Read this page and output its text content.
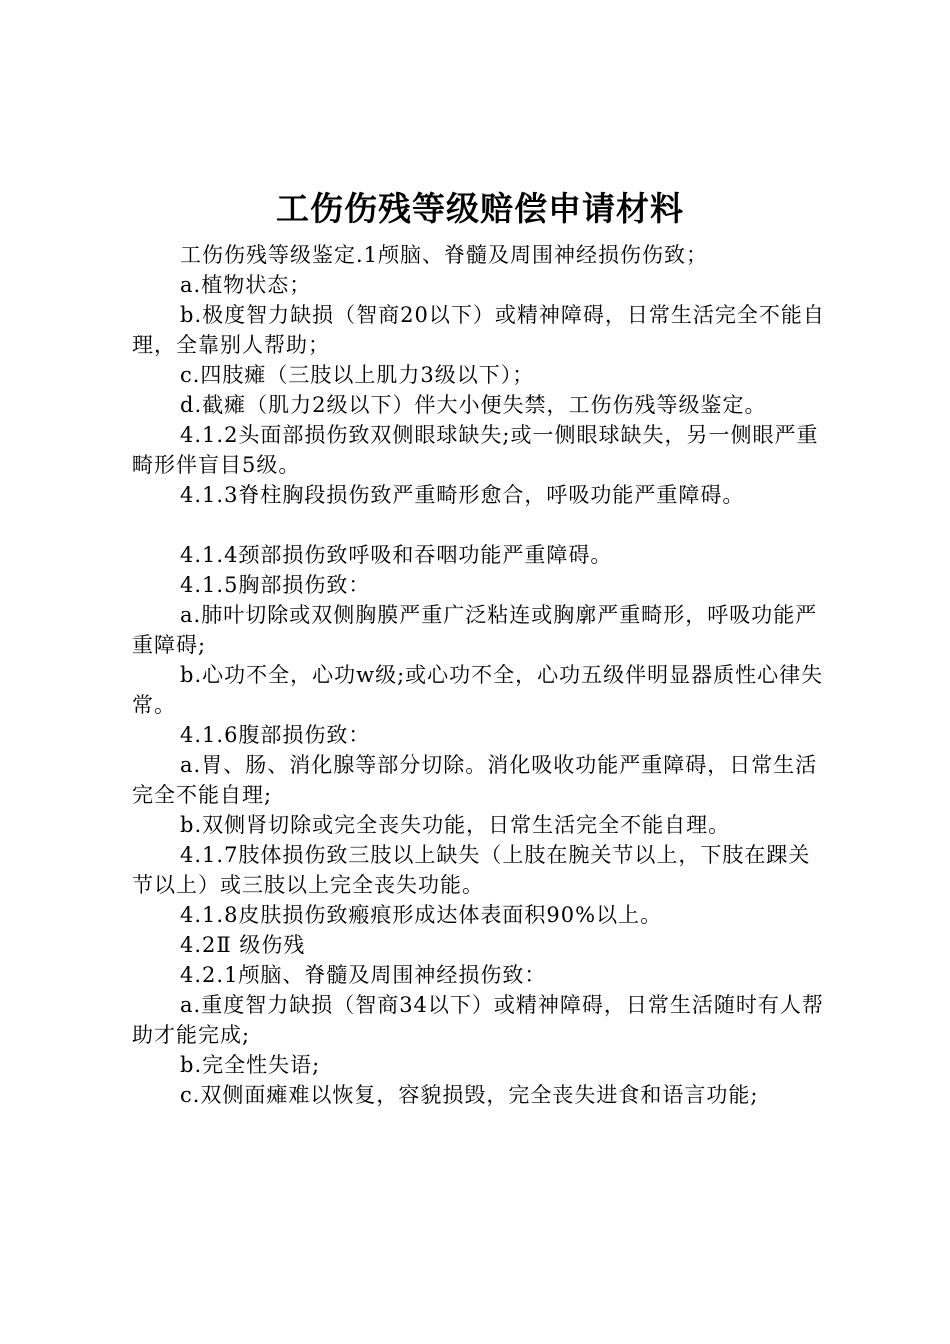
工伤伤残等级赔偿申请材料

工伤伤残等级鉴定.1颅脑、脊髓及周围神经损伤伤致；

a.植物状态；

b.极度智力缺损（智商20以下）或精神障碍，日常生活完全不能自理，全靠别人帮助；

c.四肢瘫（三肢以上肌力3级以下）；

d.截瘫（肌力2级以下）伴大小便失禁，工伤伤残等级鉴定。

4.1.2头面部损伤致双侧眼球缺失;或一侧眼球缺失，另一侧眼严重畸形伴盲目5级。

4.1.3脊柱胸段损伤致严重畸形愈合，呼吸功能严重障碍。

4.1.4颈部损伤致呼吸和吞咽功能严重障碍。

4.1.5胸部损伤致：

a.肺叶切除或双侧胸膜严重广泛粘连或胸廓严重畸形，呼吸功能严重障碍;

b.心功不全，心功w级;或心功不全，心功五级伴明显器质性心律失常。

4.1.6腹部损伤致：

a.胃、肠、消化腺等部分切除。消化吸收功能严重障碍，日常生活完全不能自理;

b.双侧肾切除或完全丧失功能，日常生活完全不能自理。

4.1.7肢体损伤致三肢以上缺失（上肢在腕关节以上，下肢在踝关节以上）或三肢以上完全丧失功能。

4.1.8皮肤损伤致瘢痕形成达体表面积90%以上。

4.2Ⅱ 级伤残

4.2.1颅脑、脊髓及周围神经损伤致：

a.重度智力缺损（智商34以下）或精神障碍，日常生活随时有人帮助才能完成;

b.完全性失语;

c.双侧面瘫难以恢复，容貌损毁，完全丧失进食和语言功能;
